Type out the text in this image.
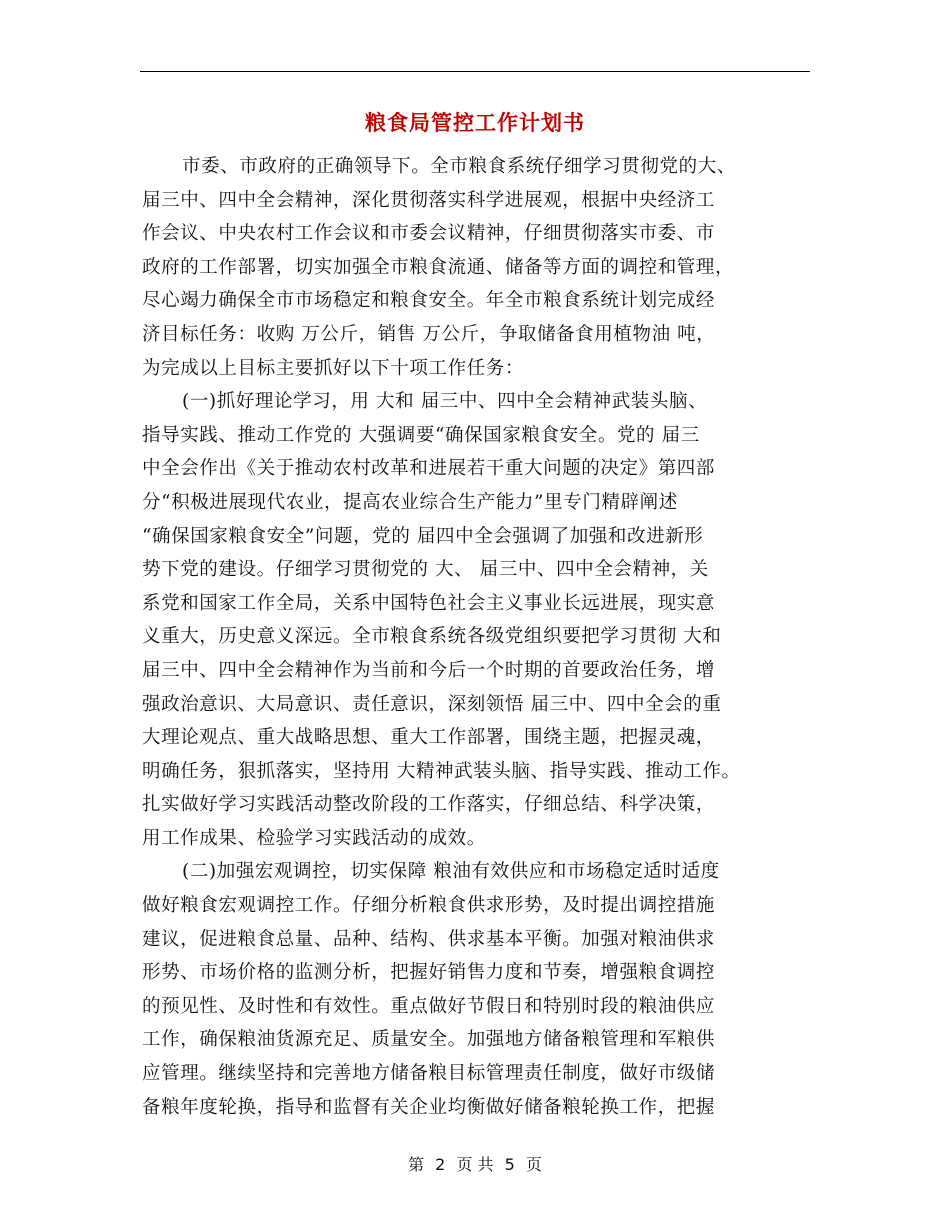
粮食局管控工作计划书
市委、市政府的正确领导下。全市粮食系统仔细学习贯彻党的大、
届三中、四中全会精神，深化贯彻落实科学进展观，根据中央经济工
作会议、中央农村工作会议和市委会议精神，仔细贯彻落实市委、市
政府的工作部署，切实加强全市粮食流通、储备等方面的调控和管理，
尽心竭力确保全市市场稳定和粮食安全。年全市粮食系统计划完成经
济目标任务：收购 万公斤，销售 万公斤，争取储备食用植物油 吨，
为完成以上目标主要抓好以下十项工作任务：
(一)抓好理论学习，用 大和 届三中、四中全会精神武装头脑、
指导实践、推动工作党的 大强调要“确保国家粮食安全。党的 届三
中全会作出《关于推动农村改革和进展若干重大问题的决定》第四部
分“积极进展现代农业，提高农业综合生产能力”里专门精辟阐述
“确保国家粮食安全”问题，党的 届四中全会强调了加强和改进新形
势下党的建设。仔细学习贯彻党的 大、 届三中、四中全会精神，关
系党和国家工作全局，关系中国特色社会主义事业长远进展，现实意
义重大，历史意义深远。全市粮食系统各级党组织要把学习贯彻 大和
届三中、四中全会精神作为当前和今后一个时期的首要政治任务，增
强政治意识、大局意识、责任意识，深刻领悟 届三中、四中全会的重
大理论观点、重大战略思想、重大工作部署，围绕主题，把握灵魂，
明确任务，狠抓落实，坚持用 大精神武装头脑、指导实践、推动工作。
扎实做好学习实践活动整改阶段的工作落实，仔细总结、科学决策，
用工作成果、检验学习实践活动的成效。
(二)加强宏观调控，切实保障 粮油有效供应和市场稳定适时适度
做好粮食宏观调控工作。仔细分析粮食供求形势，及时提出调控措施
建议，促进粮食总量、品种、结构、供求基本平衡。加强对粮油供求
形势、市场价格的监测分析，把握好销售力度和节奏，增强粮食调控
的预见性、及时性和有效性。重点做好节假日和特别时段的粮油供应
工作，确保粮油货源充足、质量安全。加强地方储备粮管理和军粮供
应管理。继续坚持和完善地方储备粮目标管理责任制度，做好市级储
备粮年度轮换，指导和监督有关企业均衡做好储备粮轮换工作，把握
第 2 页 共 5 页
